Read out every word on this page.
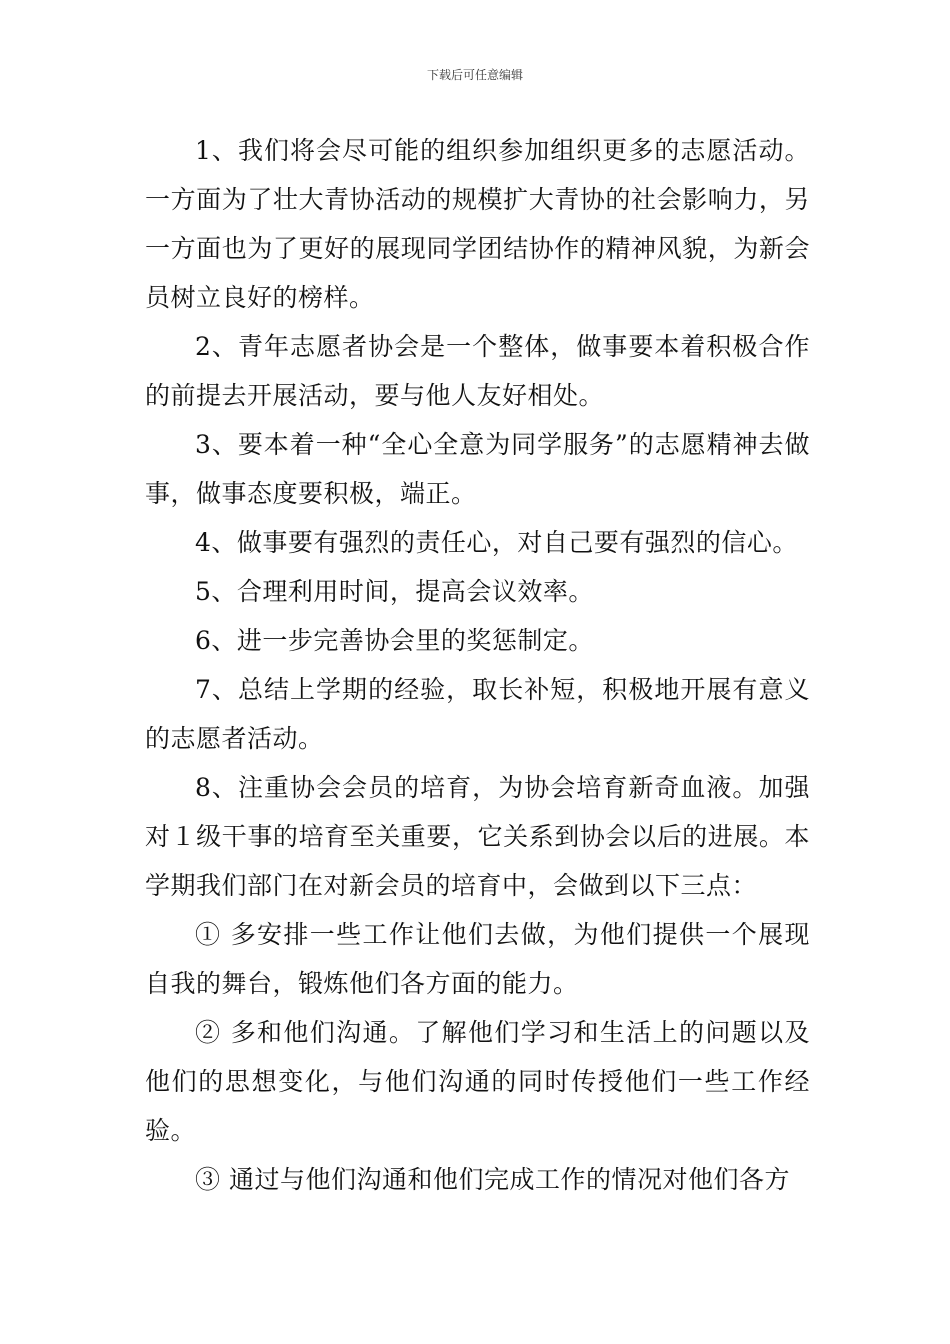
下载后可任意编辑

1、我们将会尽可能的组织参加组织更多的志愿活动。一方面为了壮大青协活动的规模扩大青协的社会影响力，另一方面也为了更好的展现同学团结协作的精神风貌，为新会员树立良好的榜样。

2、青年志愿者协会是一个整体，做事要本着积极合作的前提去开展活动，要与他人友好相处。

3、要本着一种“全心全意为同学服务”的志愿精神去做事，做事态度要积极，端正。

4、做事要有强烈的责任心，对自己要有强烈的信心。

5、合理利用时间，提高会议效率。

6、进一步完善协会里的奖惩制定。

7、总结上学期的经验，取长补短，积极地开展有意义的志愿者活动。

8、注重协会会员的培育，为协会培育新奇血液。加强对１级干事的培育至关重要，它关系到协会以后的进展。本学期我们部门在对新会员的培育中，会做到以下三点：

① 多安排一些工作让他们去做，为他们提供一个展现自我的舞台，锻炼他们各方面的能力。

② 多和他们沟通。了解他们学习和生活上的问题以及他们的思想变化，与他们沟通的同时传授他们一些工作经验。

③ 通过与他们沟通和他们完成工作的情况对他们各方
